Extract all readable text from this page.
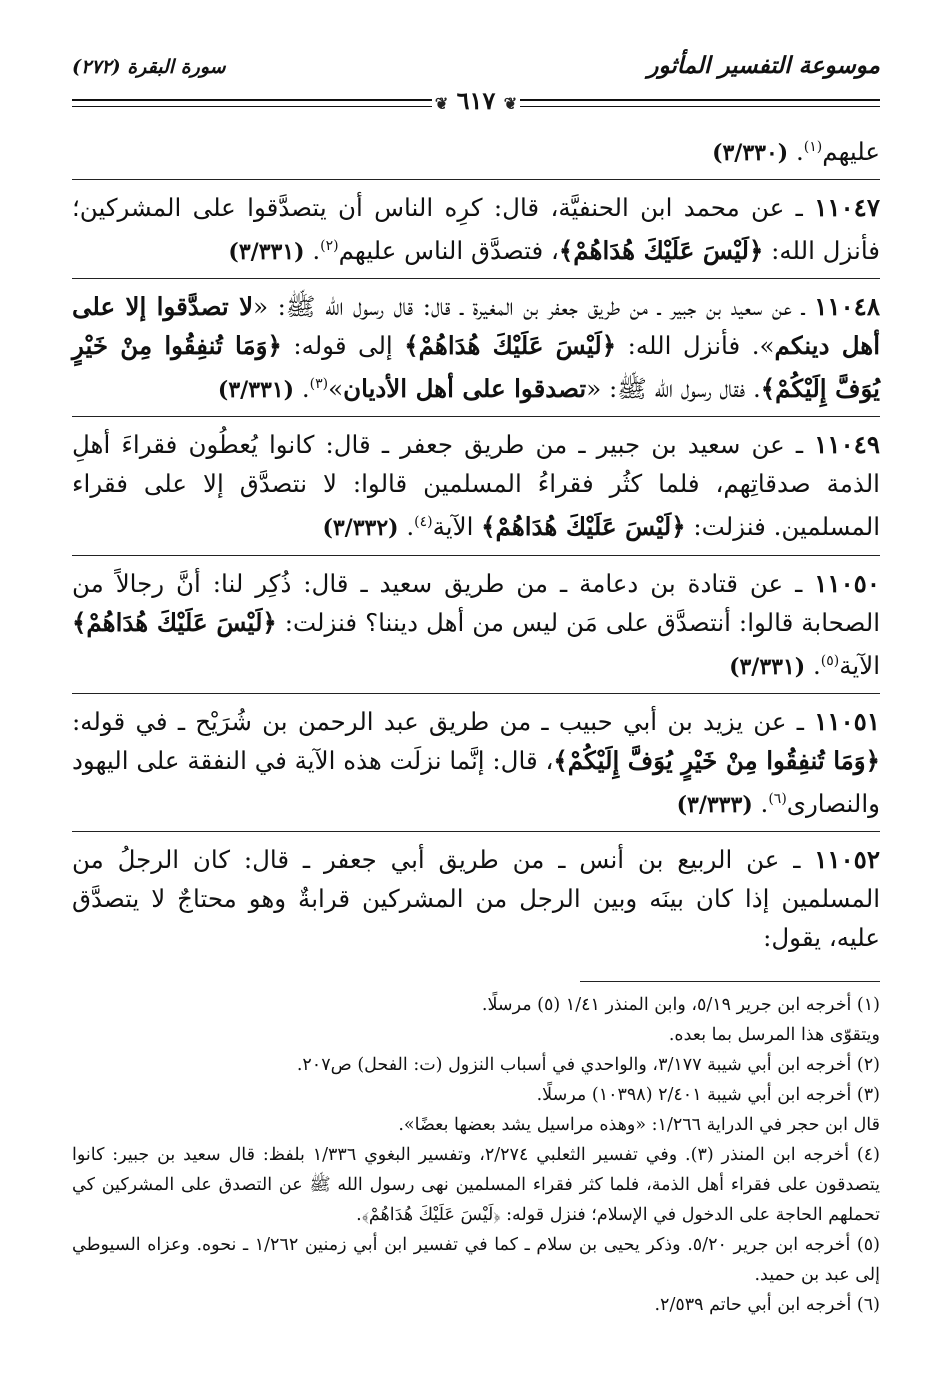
موسوعة التفسير المأثور
سورة البقرة (٢٧٢)
❦ ٦١٧ ❦
عليهم$^{(١)}$. (٣/٣٣٠)
١١٠٤٧ ـ عن محمد ابن الحنفيَّة، قال: كرِه الناس أن يتصدَّقوا على المشركين؛ فأنزل الله: ﴿لَيْسَ عَلَيْكَ هُدَاهُمْ﴾، فتصدَّق الناس عليهم$^{(٢)}$. (٣/٣٣١)
١١٠٤٨ ـ عن سعيد بن جبير ـ من طريق جعفر بن المغيرة ـ قال: قال رسول الله ﷺ: «لا تصدَّقوا إلا على أهل دينكم». فأنزل الله: ﴿لَيْسَ عَلَيْكَ هُدَاهُمْ﴾ إلى قوله: ﴿وَمَا تُنفِقُوا مِنْ خَيْرٍ يُوَفَّ إِلَيْكُمْ﴾. فقال رسول الله ﷺ: «تصدقوا على أهل الأديان»$^{(٣)}$. (٣/٣٣١)
١١٠٤٩ ـ عن سعيد بن جبير ـ من طريق جعفر ـ قال: كانوا يُعطُون فقراءَ أهلِ الذمة صدقاتِهم، فلما كثُر فقراءُ المسلمين قالوا: لا نتصدَّق إلا على فقراء المسلمين. فنزلت: ﴿لَيْسَ عَلَيْكَ هُدَاهُمْ﴾ الآية$^{(٤)}$. (٣/٣٣٢)
١١٠٥٠ ـ عن قتادة بن دعامة ـ من طريق سعيد ـ قال: ذُكِر لنا: أنَّ رجالاً من الصحابة قالوا: أنتصدَّق على مَن ليس من أهل ديننا؟ فنزلت: ﴿لَيْسَ عَلَيْكَ هُدَاهُمْ﴾ الآية$^{(٥)}$. (٣/٣٣١)
١١٠٥١ ـ عن يزيد بن أبي حبيب ـ من طريق عبد الرحمن بن شُرَيْح ـ في قوله: ﴿وَمَا تُنفِقُوا مِنْ خَيْرٍ يُوَفَّ إِلَيْكُمْ﴾، قال: إنَّما نزلَت هذه الآية في النفقة على اليهود والنصارى$^{(٦)}$. (٣/٣٣٣)
١١٠٥٢ ـ عن الربيع بن أنس ـ من طريق أبي جعفر ـ قال: كان الرجلُ من المسلمين إذا كان بينَه وبين الرجل من المشركين قرابةٌ وهو محتاجٌ لا يتصدَّق عليه، يقول:

(١) أخرجه ابن جرير ٥/١٩، وابن المنذر ١/٤١ (٥) مرسلًا.

ويتقوّى هذا المرسل بما بعده.

(٢) أخرجه ابن أبي شيبة ٣/١٧٧، والواحدي في أسباب النزول (ت: الفحل) ص٢٠٧.

(٣) أخرجه ابن أبي شيبة ٢/٤٠١ (١٠٣٩٨) مرسلًا.

قال ابن حجر في الدراية ١/٢٦٦: «وهذه مراسيل يشد بعضها بعضًا».

(٤) أخرجه ابن المنذر (٣). وفي تفسير الثعلبي ٢/٢٧٤، وتفسير البغوي ١/٣٣٦ بلفظ: قال سعيد بن جبير: كانوا يتصدقون على فقراء أهل الذمة، فلما كثر فقراء المسلمين نهى رسول الله ﷺ عن التصدق على المشركين كي تحملهم الحاجة على الدخول في الإسلام؛ فنزل قوله: ﴿لَيْسَ عَلَيْكَ هُدَاهُمْ﴾.

(٥) أخرجه ابن جرير ٥/٢٠. وذكر يحيى بن سلام ـ كما في تفسير ابن أبي زمنين ١/٢٦٢ ـ نحوه. وعزاه السيوطي إلى عبد بن حميد.

(٦) أخرجه ابن أبي حاتم ٢/٥٣٩.
